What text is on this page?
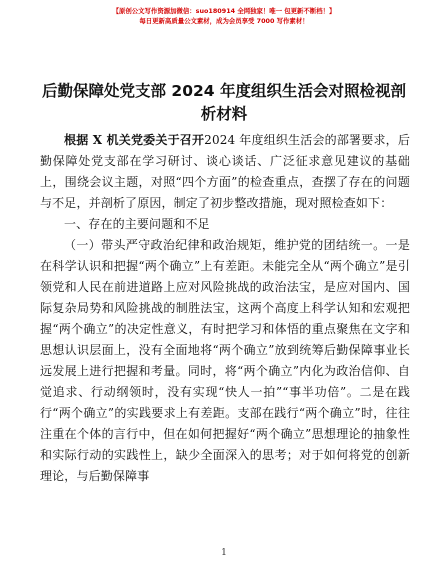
【原创公文写作资源加微信：suo180914 全网独家！唯一 包更新不断档！】
每日更新高质量公文素材，成为会员享受 7000 写作素材！
后勤保障处党支部 2024 年度组织生活会对照检视剖析材料

根据 X 机关党委关于召开2024 年度组织生活会的部署要求，后勤保障处党支部在学习研讨、谈心谈话、广泛征求意见建议的基础上，围绕会议主题，对照“四个方面”的检查重点，查摆了存在的问题与不足，并剖析了原因，制定了初步整改措施，现对照检查如下：

一、存在的主要问题和不足

（一）带头严守政治纪律和政治规矩，维护党的团结统一。一是在科学认识和把握“两个确立”上有差距。未能完全从“两个确立”是引领党和人民在前进道路上应对风险挑战的政治法宝，是应对国内、国际复杂局势和风险挑战的制胜法宝，这两个高度上科学认知和宏观把握“两个确立”的决定性意义，有时把学习和体悟的重点聚焦在文字和思想认识层面上，没有全面地将“两个确立”放到统筹后勤保障事业长远发展上进行把握和考量。同时，将“两个确立”内化为政治信仰、自觉追求、行动纲领时，没有实现“快人一拍”“事半功倍”。二是在践行“两个确立”的实践要求上有差距。支部在践行“两个确立”时，往往注重在个体的言行中，但在如何把握好“两个确立”思想理论的抽象性和实际行动的实践性上，缺少全面深入的思考；对于如何将党的创新理论，与后勤保障事

1
